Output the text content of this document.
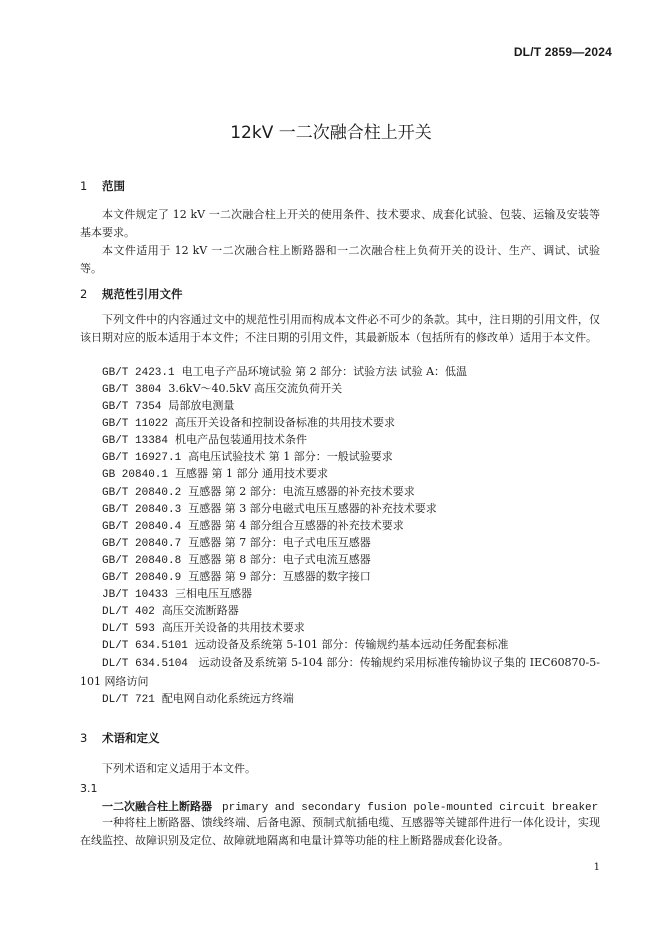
DL/T 2859—2024
12kV 一二次融合柱上开关
1 范围
本文件规定了 12 kV 一二次融合柱上开关的使用条件、技术要求、成套化试验、包装、运输及安装等基本要求。
本文件适用于 12 kV 一二次融合柱上断路器和一二次融合柱上负荷开关的设计、生产、调试、试验等。
2 规范性引用文件
下列文件中的内容通过文中的规范性引用而构成本文件必不可少的条款。其中，注日期的引用文件，仅该日期对应的版本适用于本文件；不注日期的引用文件，其最新版本（包括所有的修改单）适用于本文件。
GB/T 2423.1 电工电子产品环境试验 第 2 部分：试验方法 试验 A：低温
GB/T 3804 3.6kV～40.5kV 高压交流负荷开关
GB/T 7354 局部放电测量
GB/T 11022 高压开关设备和控制设备标准的共用技术要求
GB/T 13384 机电产品包装通用技术条件
GB/T 16927.1 高电压试验技术 第 1 部分：一般试验要求
GB 20840.1 互感器 第 1 部分 通用技术要求
GB/T 20840.2 互感器 第 2 部分：电流互感器的补充技术要求
GB/T 20840.3 互感器 第 3 部分电磁式电压互感器的补充技术要求
GB/T 20840.4 互感器 第 4 部分组合互感器的补充技术要求
GB/T 20840.7 互感器 第 7 部分：电子式电压互感器
GB/T 20840.8 互感器 第 8 部分：电子式电流互感器
GB/T 20840.9 互感器 第 9 部分：互感器的数字接口
JB/T 10433 三相电压互感器
DL/T 402 高压交流断路器
DL/T 593 高压开关设备的共用技术要求
DL/T 634.5101 远动设备及系统第 5-101 部分：传输规约基本远动任务配套标准
DL/T 634.5104 远动设备及系统第 5-104 部分：传输规约采用标准传输协议子集的 IEC60870-5-101 网络访问
DL/T 721 配电网自动化系统远方终端
3 术语和定义
下列术语和定义适用于本文件。
3.1
一二次融合柱上断路器 primary and secondary fusion pole-mounted circuit breaker
一种将柱上断路器、馈线终端、后备电源、预制式航插电缆、互感器等关键部件进行一体化设计，实现在线监控、故障识别及定位、故障就地隔离和电量计算等功能的柱上断路器成套化设备。
1
